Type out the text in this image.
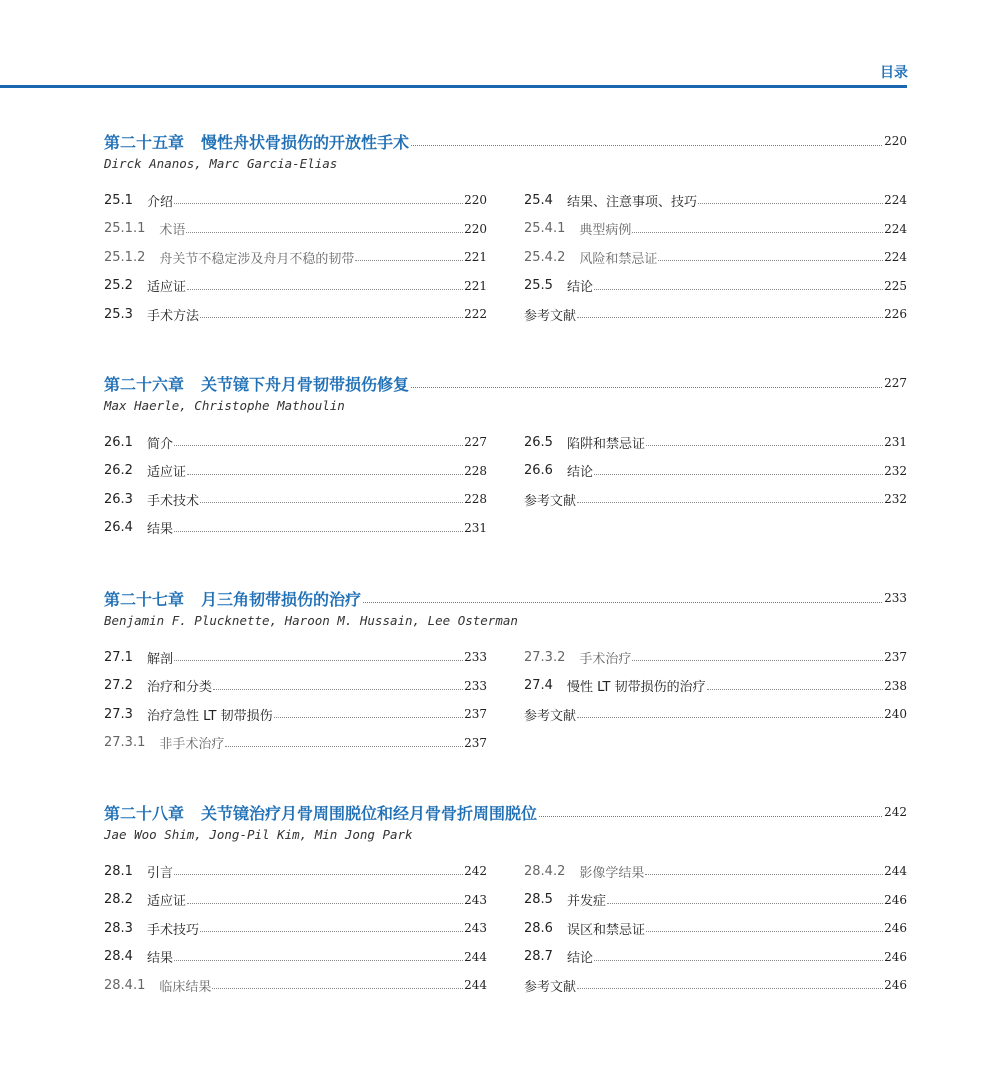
目录
第二十五章 慢性舟状骨损伤的开放性手术	220
Dirck Ananos, Marc Garcia-Elias
25.1 介绍	220
25.1.1 术语	220
25.1.2 舟关节不稳定涉及舟月不稳的韧带	221
25.2 适应证	221
25.3 手术方法	222
25.4 结果、注意事项、技巧	224
25.4.1 典型病例	224
25.4.2 风险和禁忌证	224
25.5 结论	225
参考文献	226
第二十六章 关节镜下舟月骨韧带损伤修复	227
Max Haerle, Christophe Mathoulin
26.1 简介	227
26.2 适应证	228
26.3 手术技术	228
26.4 结果	231
26.5 陷阱和禁忌证	231
26.6 结论	232
参考文献	232
第二十七章 月三角韧带损伤的治疗	233
Benjamin F. Plucknette, Haroon M. Hussain, Lee Osterman
27.1 解剖	233
27.2 治疗和分类	233
27.3 治疗急性 LT 韧带损伤	237
27.3.1 非手术治疗	237
27.3.2 手术治疗	237
27.4 慢性 LT 韧带损伤的治疗	238
参考文献	240
第二十八章 关节镜治疗月骨周围脱位和经月骨骨折周围脱位	242
Jae Woo Shim, Jong-Pil Kim, Min Jong Park
28.1 引言	242
28.2 适应证	243
28.3 手术技巧	243
28.4 结果	244
28.4.1 临床结果	244
28.4.2 影像学结果	244
28.5 并发症	246
28.6 误区和禁忌证	246
28.7 结论	246
参考文献	246
